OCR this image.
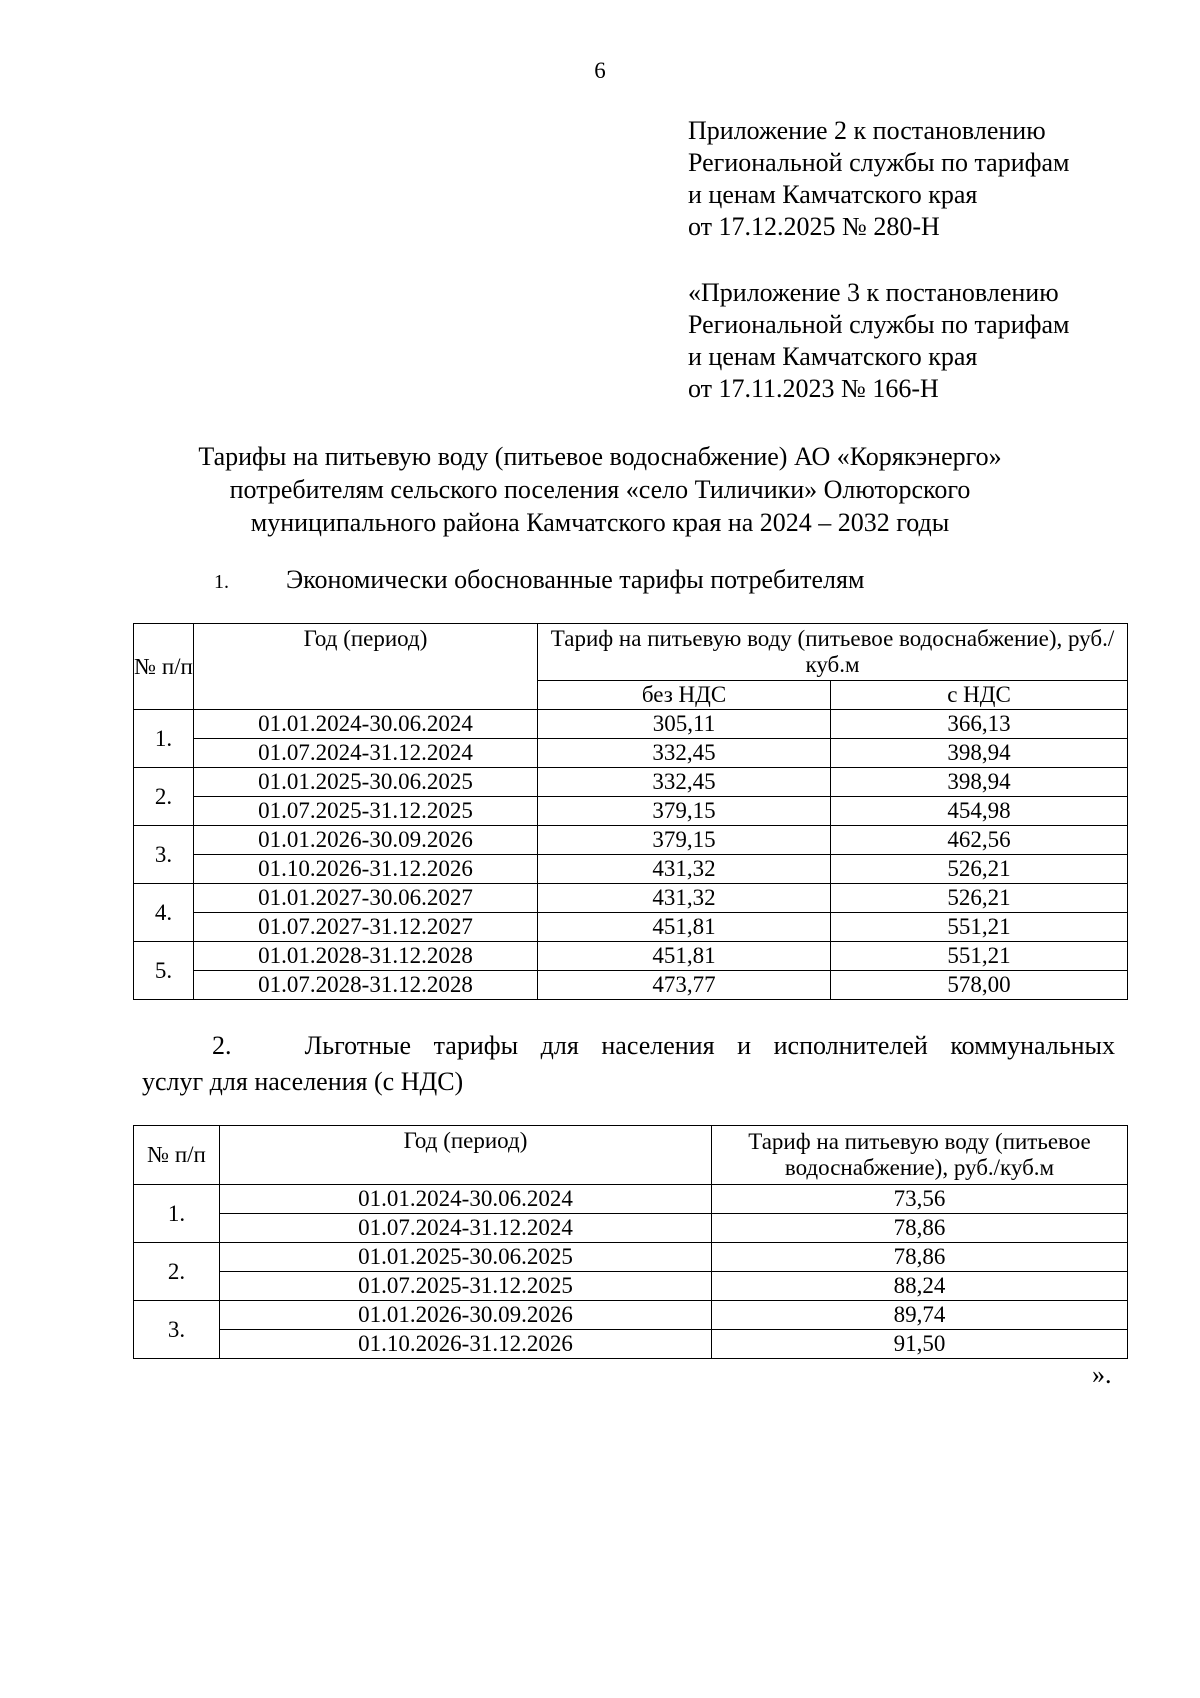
6
Приложение 2 к постановлению
Региональной службы по тарифам
и ценам Камчатского края
от 17.12.2025 № 280-Н
«Приложение 3 к постановлению
Региональной службы по тарифам
и ценам Камчатского края
от 17.11.2023 № 166-Н
Тарифы на питьевую воду (питьевое водоснабжение) АО «Корякэнерго»
потребителям сельского поселения «село Тиличики» Олюторского
муниципального района Камчатского края на 2024 – 2032 годы
1. Экономически обоснованные тарифы потребителям
№ п/п	Год (период)	Тариф на питьевую воду (питьевое водоснабжение), руб./куб.м	
		без НДС	с НДС
1.	01.01.2024-30.06.2024	305,11	366,13
	01.07.2024-31.12.2024	332,45	398,94
2.	01.01.2025-30.06.2025	332,45	398,94
	01.07.2025-31.12.2025	379,15	454,98
3.	01.01.2026-30.09.2026	379,15	462,56
	01.10.2026-31.12.2026	431,32	526,21
4.	01.01.2027-30.06.2027	431,32	526,21
	01.07.2027-31.12.2027	451,81	551,21
5.	01.01.2028-31.12.2028	451,81	551,21
	01.07.2028-31.12.2028	473,77	578,00
2.	Льготные тарифы для населения и исполнителей коммунальных
услуг для населения (с НДС)
№ п/п	Год (период)	Тариф на питьевую воду (питьевое водоснабжение), руб./куб.м
1.	01.01.2024-30.06.2024	73,56
	01.07.2024-31.12.2024	78,86
2.	01.01.2025-30.06.2025	78,86
	01.07.2025-31.12.2025	88,24
3.	01.01.2026-30.09.2026	89,74
	01.10.2026-31.12.2026	91,50
».
